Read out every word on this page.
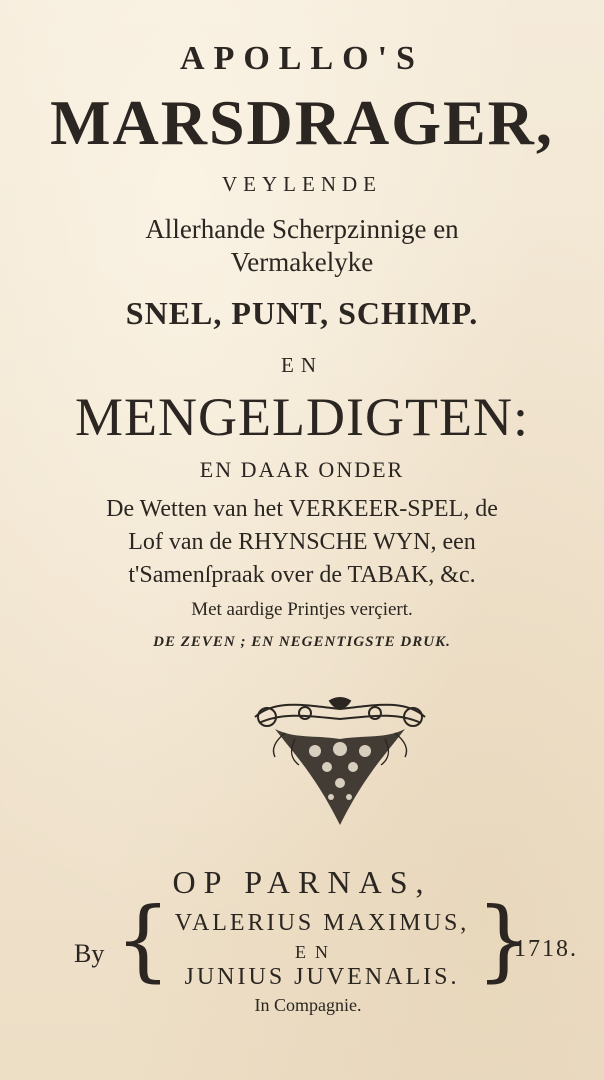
APOLLO'S
MARSDRAGER,
VEYLENDE
Allerhande Scherpzinnige en
Vermakelyke
SNEL, PUNT, SCHIMP.
EN
MENGELDIGTEN:
EN DAAR ONDER
De Wetten van het VERKEER-SPEL, de
Lof van de RHYNSCHE WYN, een
t'Samenſpraak over de TABAK, &c.
Met aardige Printjes verçiert.
DE ZEVEN ; EN NEGENTIGSTE DRUK.
OP PARNAS,
By { VALERIUS MAXIMUS,
EN
JUNIUS JUVENALIS.
In Compagnie.
}
1718.
